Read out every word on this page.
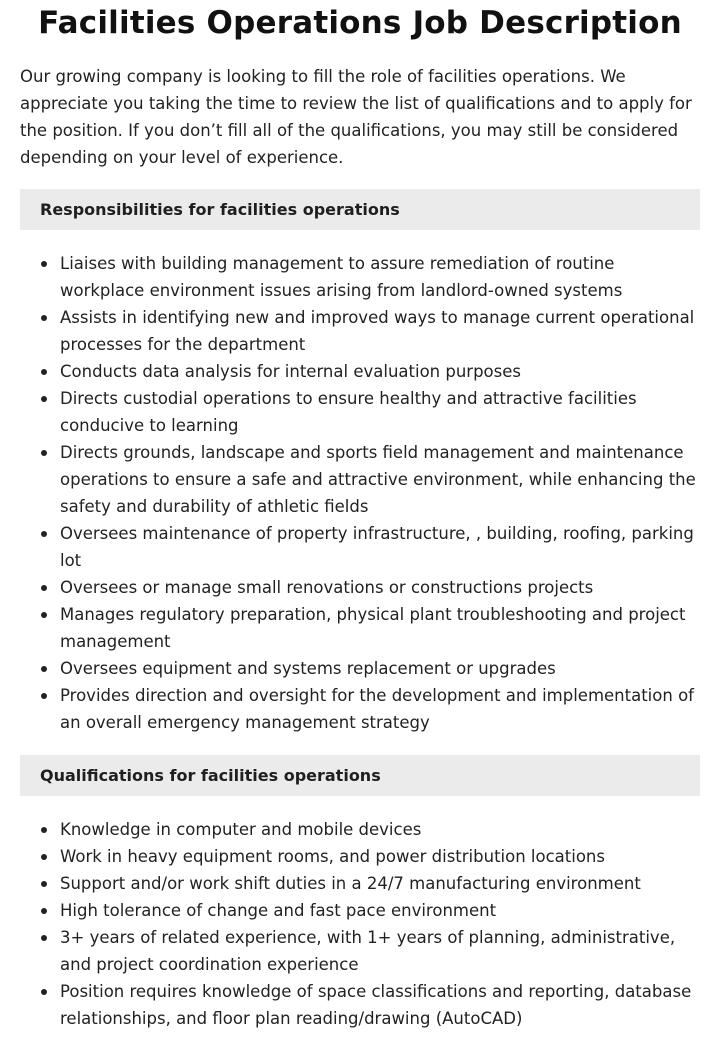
Facilities Operations Job Description

Our growing company is looking to fill the role of facilities operations. We appreciate you taking the time to review the list of qualifications and to apply for the position. If you don’t fill all of the qualifications, you may still be considered depending on your level of experience.

Responsibilities for facilities operations
Liaises with building management to assure remediation of routine workplace environment issues arising from landlord-owned systems
Assists in identifying new and improved ways to manage current operational processes for the department
Conducts data analysis for internal evaluation purposes
Directs custodial operations to ensure healthy and attractive facilities conducive to learning
Directs grounds, landscape and sports field management and maintenance operations to ensure a safe and attractive environment, while enhancing the safety and durability of athletic fields
Oversees maintenance of property infrastructure, , building, roofing, parking lot
Oversees or manage small renovations or constructions projects
Manages regulatory preparation, physical plant troubleshooting and project management
Oversees equipment and systems replacement or upgrades
Provides direction and oversight for the development and implementation of an overall emergency management strategy
Qualifications for facilities operations
Knowledge in computer and mobile devices
Work in heavy equipment rooms, and power distribution locations
Support and/or work shift duties in a 24/7 manufacturing environment
High tolerance of change and fast pace environment
3+ years of related experience, with 1+ years of planning, administrative, and project coordination experience
Position requires knowledge of space classifications and reporting, database relationships, and floor plan reading/drawing (AutoCAD)
